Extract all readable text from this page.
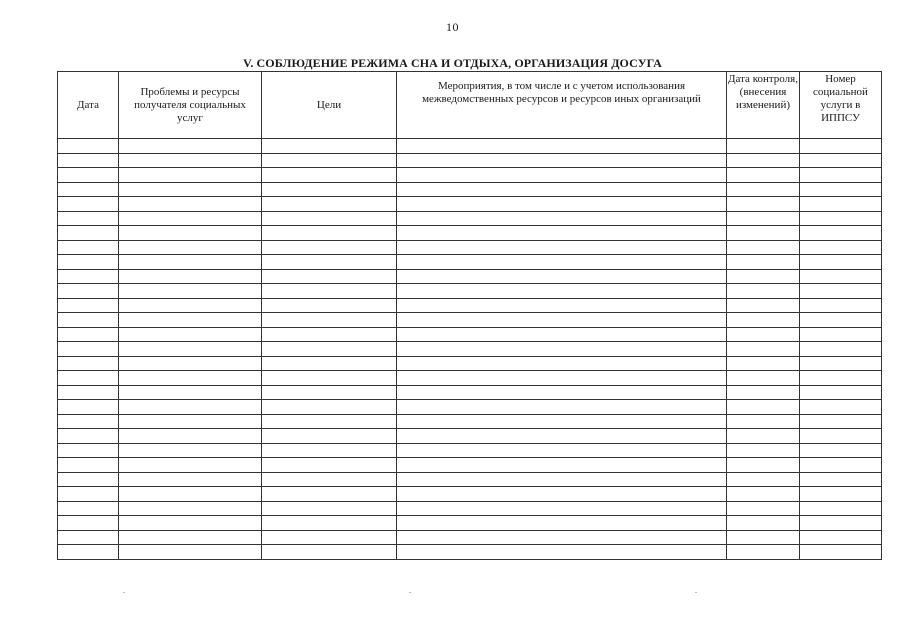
10
V. СОБЛЮДЕНИЕ РЕЖИМА СНА И ОТДЫХА, ОРГАНИЗАЦИЯ ДОСУГА
Дата	Проблемы и ресурсы получателя социальных услуг	Цели	Мероприятия, в том числе и с учетом использования межведомственных ресурсов и ресурсов иных организаций	Дата контроля, (внесения изменений)	Номер социальной услуги в ИППСУ
